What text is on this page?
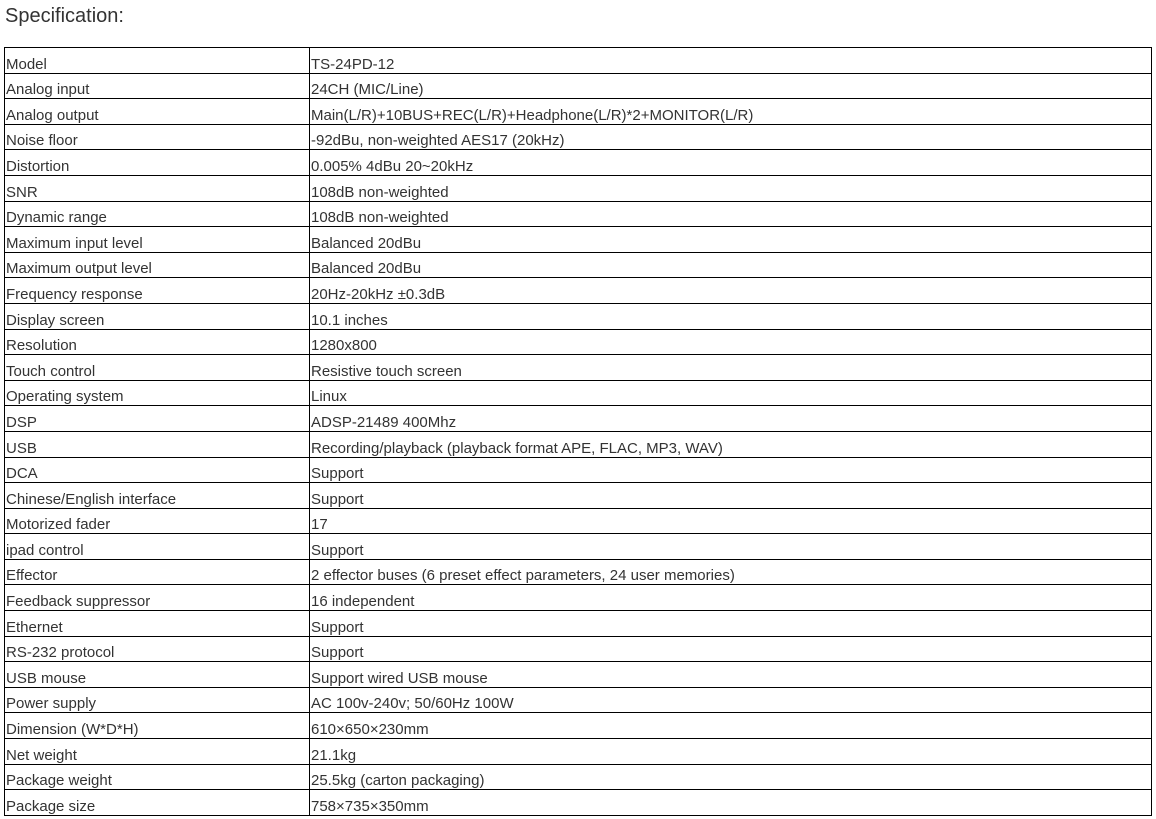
Specification:
Model	TS-24PD-12
Analog input	24CH (MIC/Line)
Analog output	Main(L/R)+10BUS+REC(L/R)+Headphone(L/R)*2+MONITOR(L/R)
Noise floor	-92dBu, non-weighted AES17 (20kHz)
Distortion	0.005% 4dBu 20~20kHz
SNR	108dB non-weighted
Dynamic range	108dB non-weighted
Maximum input level	Balanced 20dBu
Maximum output level	Balanced 20dBu
Frequency response	20Hz-20kHz ±0.3dB
Display screen	10.1 inches
Resolution	1280x800
Touch control	Resistive touch screen
Operating system	Linux
DSP	ADSP-21489 400Mhz
USB	Recording/playback (playback format APE, FLAC, MP3, WAV)
DCA	Support
Chinese/English interface	Support
Motorized fader	17
ipad control	Support
Effector	2 effector buses (6 preset effect parameters, 24 user memories)
Feedback suppressor	16 independent
Ethernet	Support
RS-232 protocol	Support
USB mouse	Support wired USB mouse
Power supply	AC 100v-240v; 50/60Hz 100W
Dimension (W*D*H)	610×650×230mm
Net weight	21.1kg
Package weight	25.5kg (carton packaging)
Package size	758×735×350mm
